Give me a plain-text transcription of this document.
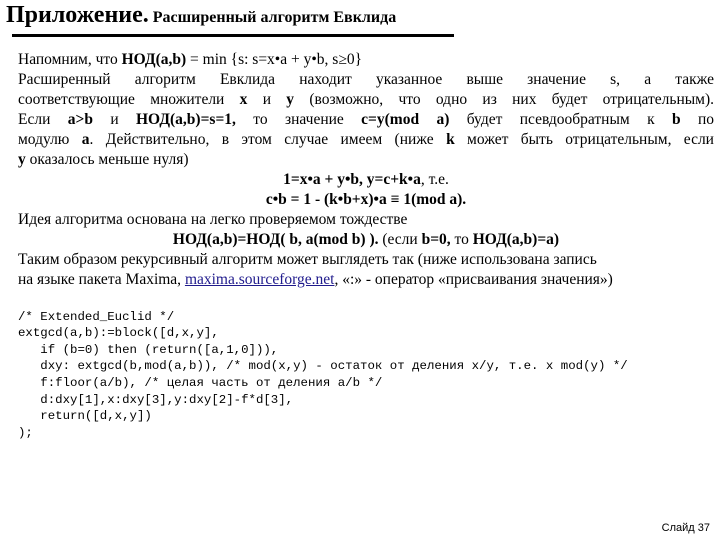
Приложение. Расширенный алгоритм Евклида
Напомним, что НОД(a,b) = min {s: s=x•a + y•b, s≥0}
Расширенный алгоритм Евклида находит указанное выше значение s, а также
соответствующие множители x и y (возможно, что одно из них будет отрицательным).
Если a>b и НОД(a,b)=s=1, то значение c=y(mod a) будет псевдообратным к b по
модулю a. Действительно, в этом случае имеем (ниже k может быть отрицательным, если
y оказалось меньше нуля)
1=x•a + y•b, y=c+k•a, т.е.
c•b = 1 - (k•b+x)•a ≡ 1(mod a).
Идея алгоритма основана на легко проверяемом тождестве
НОД(a,b)=НОД( b, a(mod b) ). (если b=0, то НОД(a,b)=a)
Таким образом рекурсивный алгоритм может выглядеть так (ниже использована запись
на языке пакета Maxima, maxima.sourceforge.net, «:» - оператор «присваивания значения»)

/* Extended_Euclid */
extgcd(a,b):=block([d,x,y],
if (b=0) then (return([a,1,0])),
dxy: extgcd(b,mod(a,b)), /* mod(x,y) - остаток от деления x/y, т.е. x mod(y) */
f:floor(a/b), /* целая часть от деления a/b */
d:dxy[1],x:dxy[3],y:dxy[2]-f*d[3],
return([d,x,y])
);
Слайд 37
